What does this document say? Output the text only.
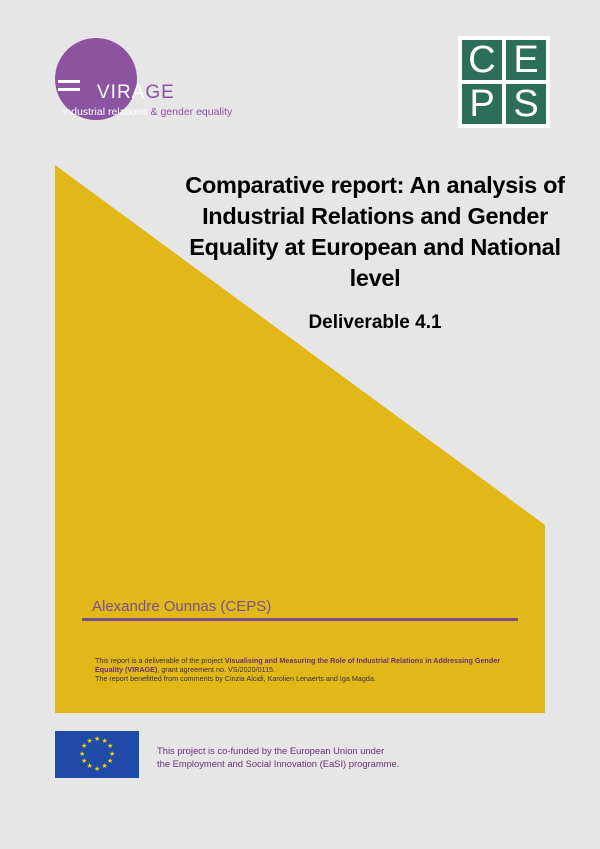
VIRAGE
industrial relations & gender equality
C E
P S
Comparative report: An analysis of Industrial Relations and Gender Equality at European and National level
Deliverable 4.1
Alexandre Ounnas (CEPS)
This report is a deliverable of the project Visualising and Measuring the Role of Industrial Relations in Addressing Gender Equality (VIRAGE), grant agreement no. VS/2020/0115.
The report benefitted from comments by Cinzia Alcidi, Karolien Lenaerts and Iga Magda.
★ ★
★
★
★
★
★
★
★
★
★
★
This project is co-funded by the European Union under
the Employment and Social Innovation (EaSI) programme.
